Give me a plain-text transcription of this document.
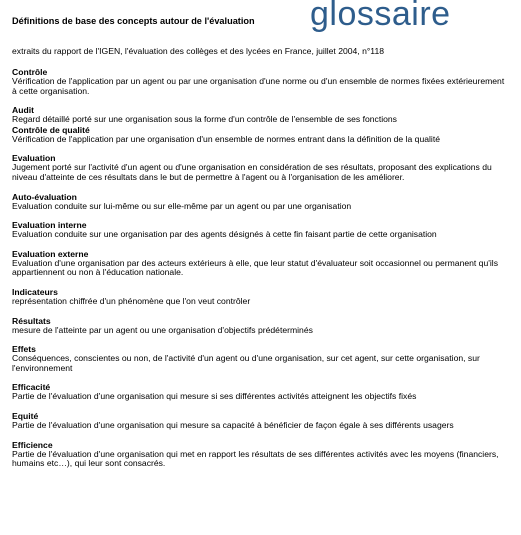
Définitions de base des concepts autour de l'évaluation glossaire
extraits du rapport de l'IGEN, l'évaluation des collèges et des lycées en France, juillet 2004, n°118
Contrôle
Vérification de l'application par un agent ou par une organisation d'une norme ou d'un ensemble de normes fixées extérieurement à cette organisation.
Audit
Regard détaillé porté sur une organisation sous la forme d'un contrôle de l'ensemble de ses fonctions
Contrôle de qualité
Vérification de l'application par une organisation d'un ensemble de normes entrant dans la définition de la qualité
Evaluation
Jugement porté sur l'activité d'un agent ou d'une organisation en considération de ses résultats, proposant des explications du niveau d'atteinte de ces résultats dans le but de permettre à l'agent ou à l'organisation de les améliorer.
Auto-évaluation
Evaluation conduite sur lui-même ou sur elle-même par un agent ou par une organisation
Evaluation interne
Evaluation conduite sur une organisation par des agents désignés à cette fin faisant partie de cette organisation
Evaluation externe
Evaluation d'une organisation par des acteurs extérieurs à elle, que leur statut d'évaluateur soit occasionnel ou permanent qu'ils appartiennent ou non à l'éducation nationale.
Indicateurs
représentation chiffrée d'un phénomène que l'on veut contrôler
Résultats
mesure de l'atteinte par un agent ou une organisation d'objectifs prédéterminés
Effets
Conséquences, conscientes ou non, de l'activité d'un agent ou d'une organisation, sur cet agent, sur cette organisation, sur l'environnement
Efficacité
Partie de l'évaluation d'une organisation qui mesure si ses différentes activités atteignent les objectifs fixés
Equité
Partie de l'évaluation d'une organisation qui mesure sa capacité à bénéficier de façon égale à ses différents usagers
Efficience
Partie de l'évaluation d'une organisation qui met en rapport les résultats de ses différentes activités avec les moyens (financiers, humains etc…), qui leur sont consacrés.
